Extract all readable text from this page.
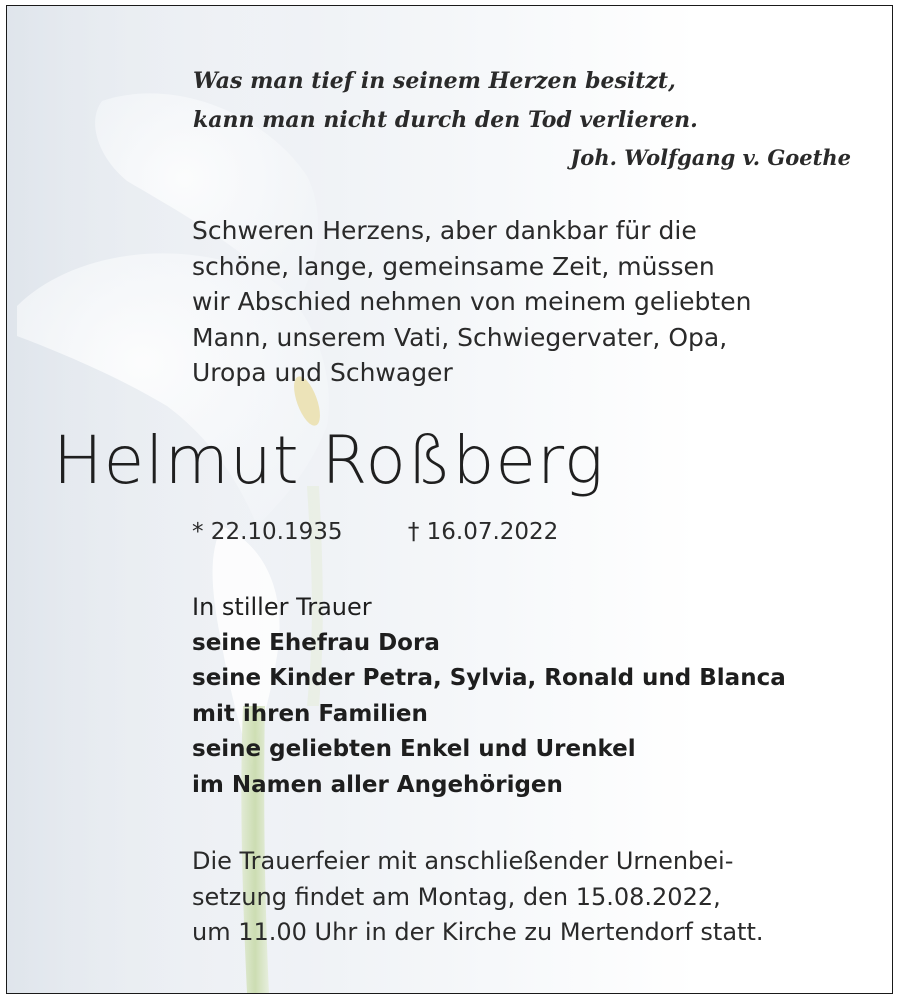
Was man tief in seinem Herzen besitzt,
kann man nicht durch den Tod verlieren.
Joh. Wolfgang v. Goethe
Schweren Herzens, aber dankbar für die
schöne, lange, gemeinsame Zeit, müssen
wir Abschied nehmen von meinem geliebten
Mann, unserem Vati, Schwiegervater, Opa,
Uropa und Schwager
Helmut Roßberg
* 22.10.1935	† 16.07.2022
In stiller Trauer
seine Ehefrau Dora
seine Kinder Petra, Sylvia, Ronald und Blanca
mit ihren Familien
seine geliebten Enkel und Urenkel
im Namen aller Angehörigen
Die Trauerfeier mit anschließender Urnenbei-
setzung findet am Montag, den 15.08.2022,
um 11.00 Uhr in der Kirche zu Mertendorf statt.
